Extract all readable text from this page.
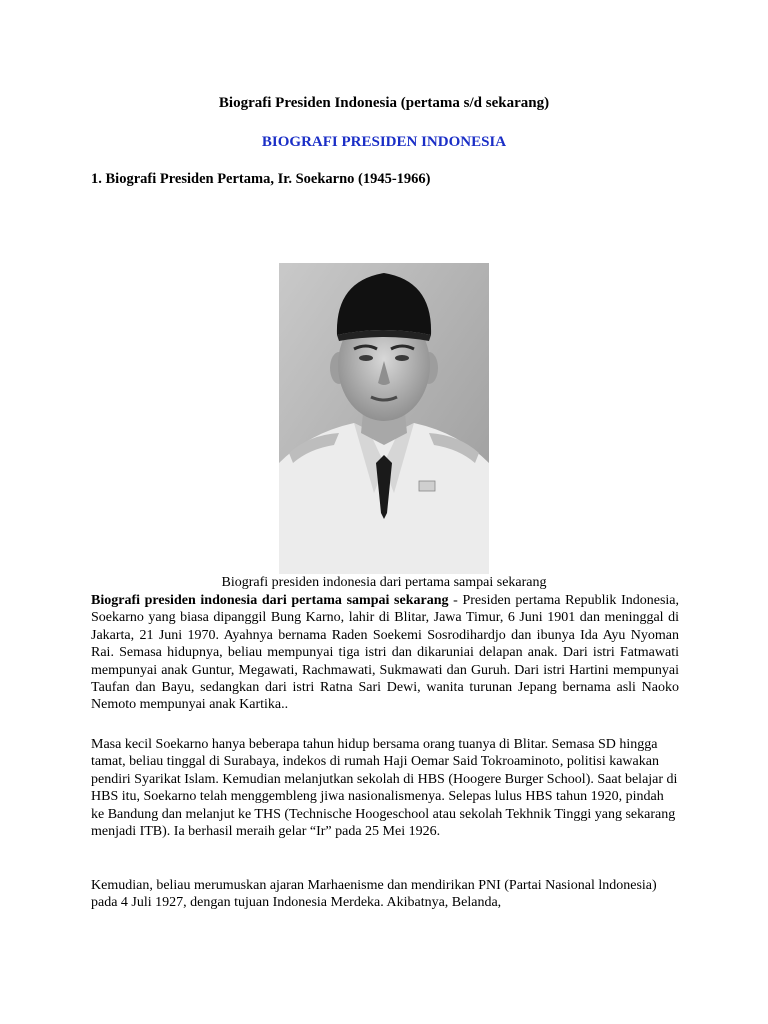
Biografi Presiden Indonesia (pertama s/d sekarang)
BIOGRAFI PRESIDEN INDONESIA
1. Biografi Presiden Pertama, Ir. Soekarno (1945-1966)
Biografi presiden indonesia dari pertama sampai sekarang

Biografi presiden indonesia dari pertama sampai sekarang - Presiden pertama Republik Indonesia, Soekarno yang biasa dipanggil Bung Karno, lahir di Blitar, Jawa Timur, 6 Juni 1901 dan meninggal di Jakarta, 21 Juni 1970. Ayahnya bernama Raden Soekemi Sosrodihardjo dan ibunya Ida Ayu Nyoman Rai. Semasa hidupnya, beliau mempunyai tiga istri dan dikaruniai delapan anak. Dari istri Fatmawati mempunyai anak Guntur, Megawati, Rachmawati, Sukmawati dan Guruh. Dari istri Hartini mempunyai Taufan dan Bayu, sedangkan dari istri Ratna Sari Dewi, wanita turunan Jepang bernama asli Naoko Nemoto mempunyai anak Kartika..

Masa kecil Soekarno hanya beberapa tahun hidup bersama orang tuanya di Blitar. Semasa SD hingga tamat, beliau tinggal di Surabaya, indekos di rumah Haji Oemar Said Tokroaminoto, politisi kawakan pendiri Syarikat Islam. Kemudian melanjutkan sekolah di HBS (Hoogere Burger School). Saat belajar di HBS itu, Soekarno telah menggembleng jiwa nasionalismenya. Selepas lulus HBS tahun 1920, pindah ke Bandung dan melanjut ke THS (Technische Hoogeschool atau sekolah Tekhnik Tinggi yang sekarang menjadi ITB). Ia berhasil meraih gelar “Ir” pada 25 Mei 1926.

Kemudian, beliau merumuskan ajaran Marhaenisme dan mendirikan PNI (Partai Nasional lndonesia) pada 4 Juli 1927, dengan tujuan Indonesia Merdeka. Akibatnya, Belanda,
